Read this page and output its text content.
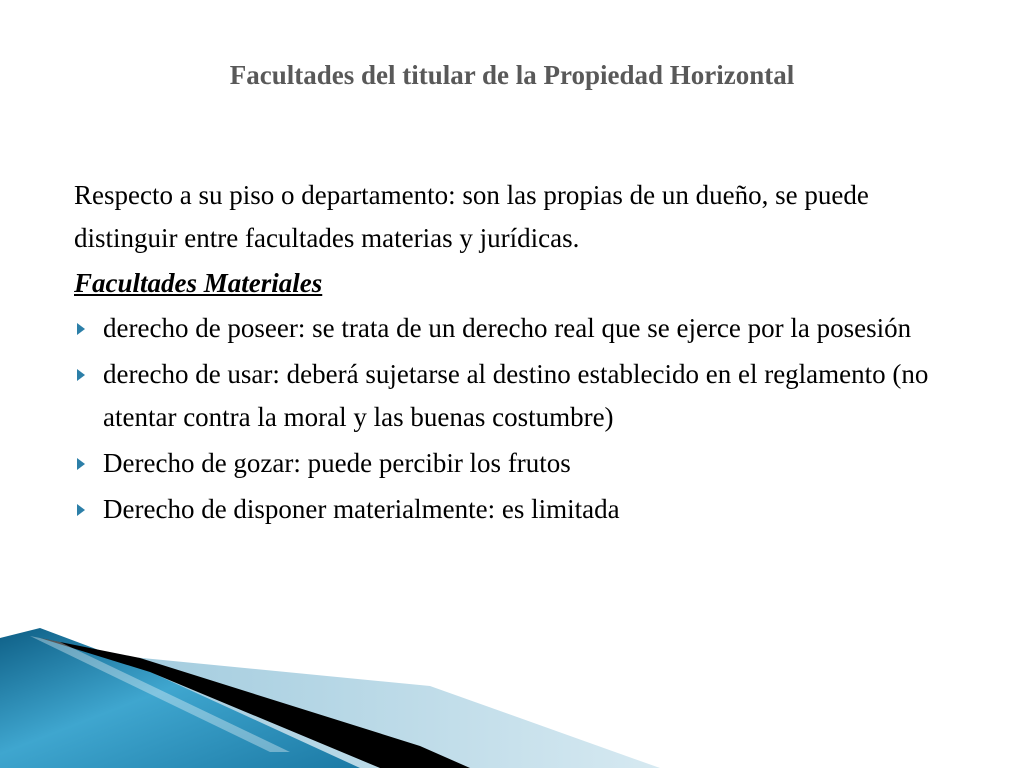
Facultades del titular de la Propiedad Horizontal

Respecto a su piso o departamento: son las propias de un dueño, se puede distinguir entre facultades materias y jurídicas.

Facultades Materiales

derecho de poseer: se trata de un derecho real que se ejerce por la posesión
derecho de usar: deberá sujetarse al destino establecido en el reglamento (no atentar contra la moral y las buenas costumbre)
Derecho de gozar: puede percibir los frutos
Derecho de disponer materialmente: es limitada
